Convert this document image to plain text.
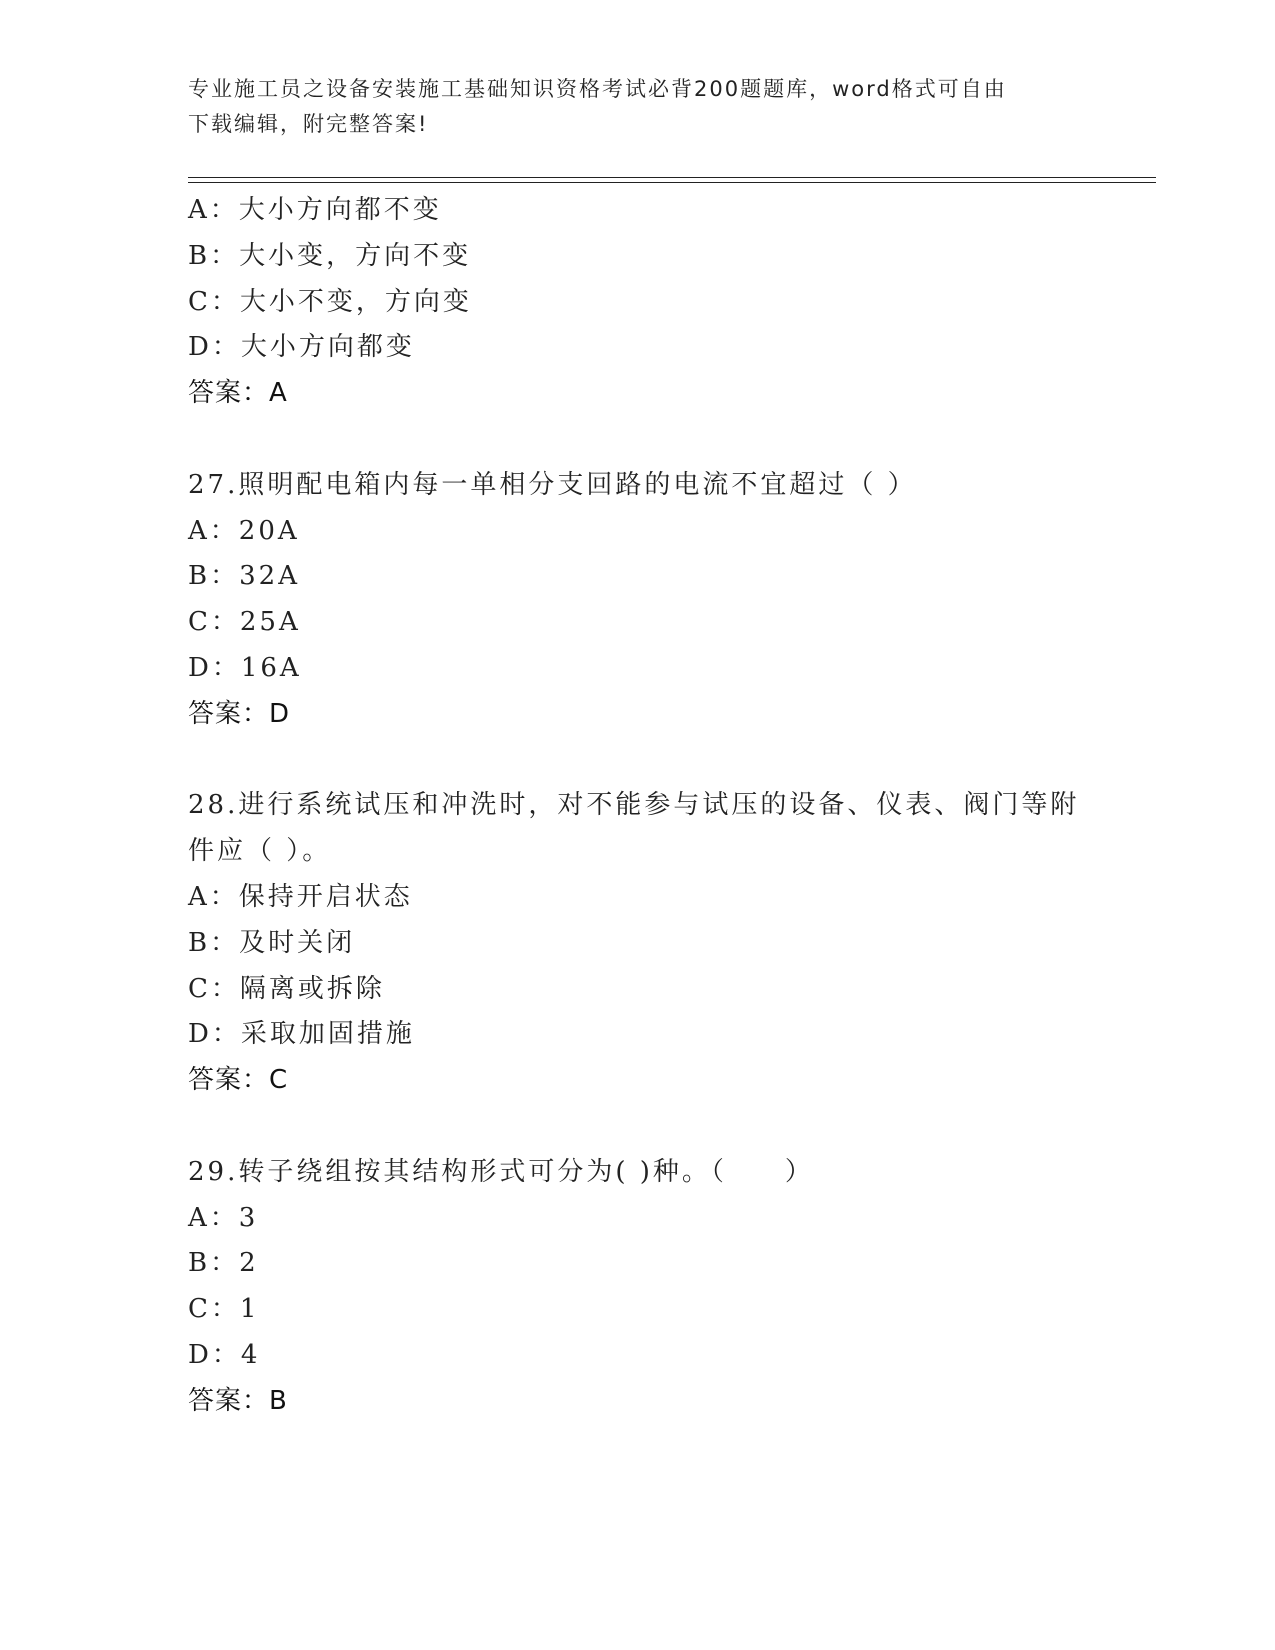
专业施工员之设备安装施工基础知识资格考试必背200题题库，word格式可自由
下载编辑，附完整答案!
A：大小方向都不变
B：大小变，方向不变
C：大小不变，方向变
D：大小方向都变
答案：A
27.照明配电箱内每一单相分支回路的电流不宜超过（ ）
A：20A
B：32A
C：25A
D：16A
答案：D
28.进行系统试压和冲洗时，对不能参与试压的设备、仪表、阀门等附
件应（ ）。
A：保持开启状态
B：及时关闭
C：隔离或拆除
D：采取加固措施
答案：C
29.转子绕组按其结构形式可分为( )种。（　　）
A：3
B：2
C：1
D：4
答案：B
